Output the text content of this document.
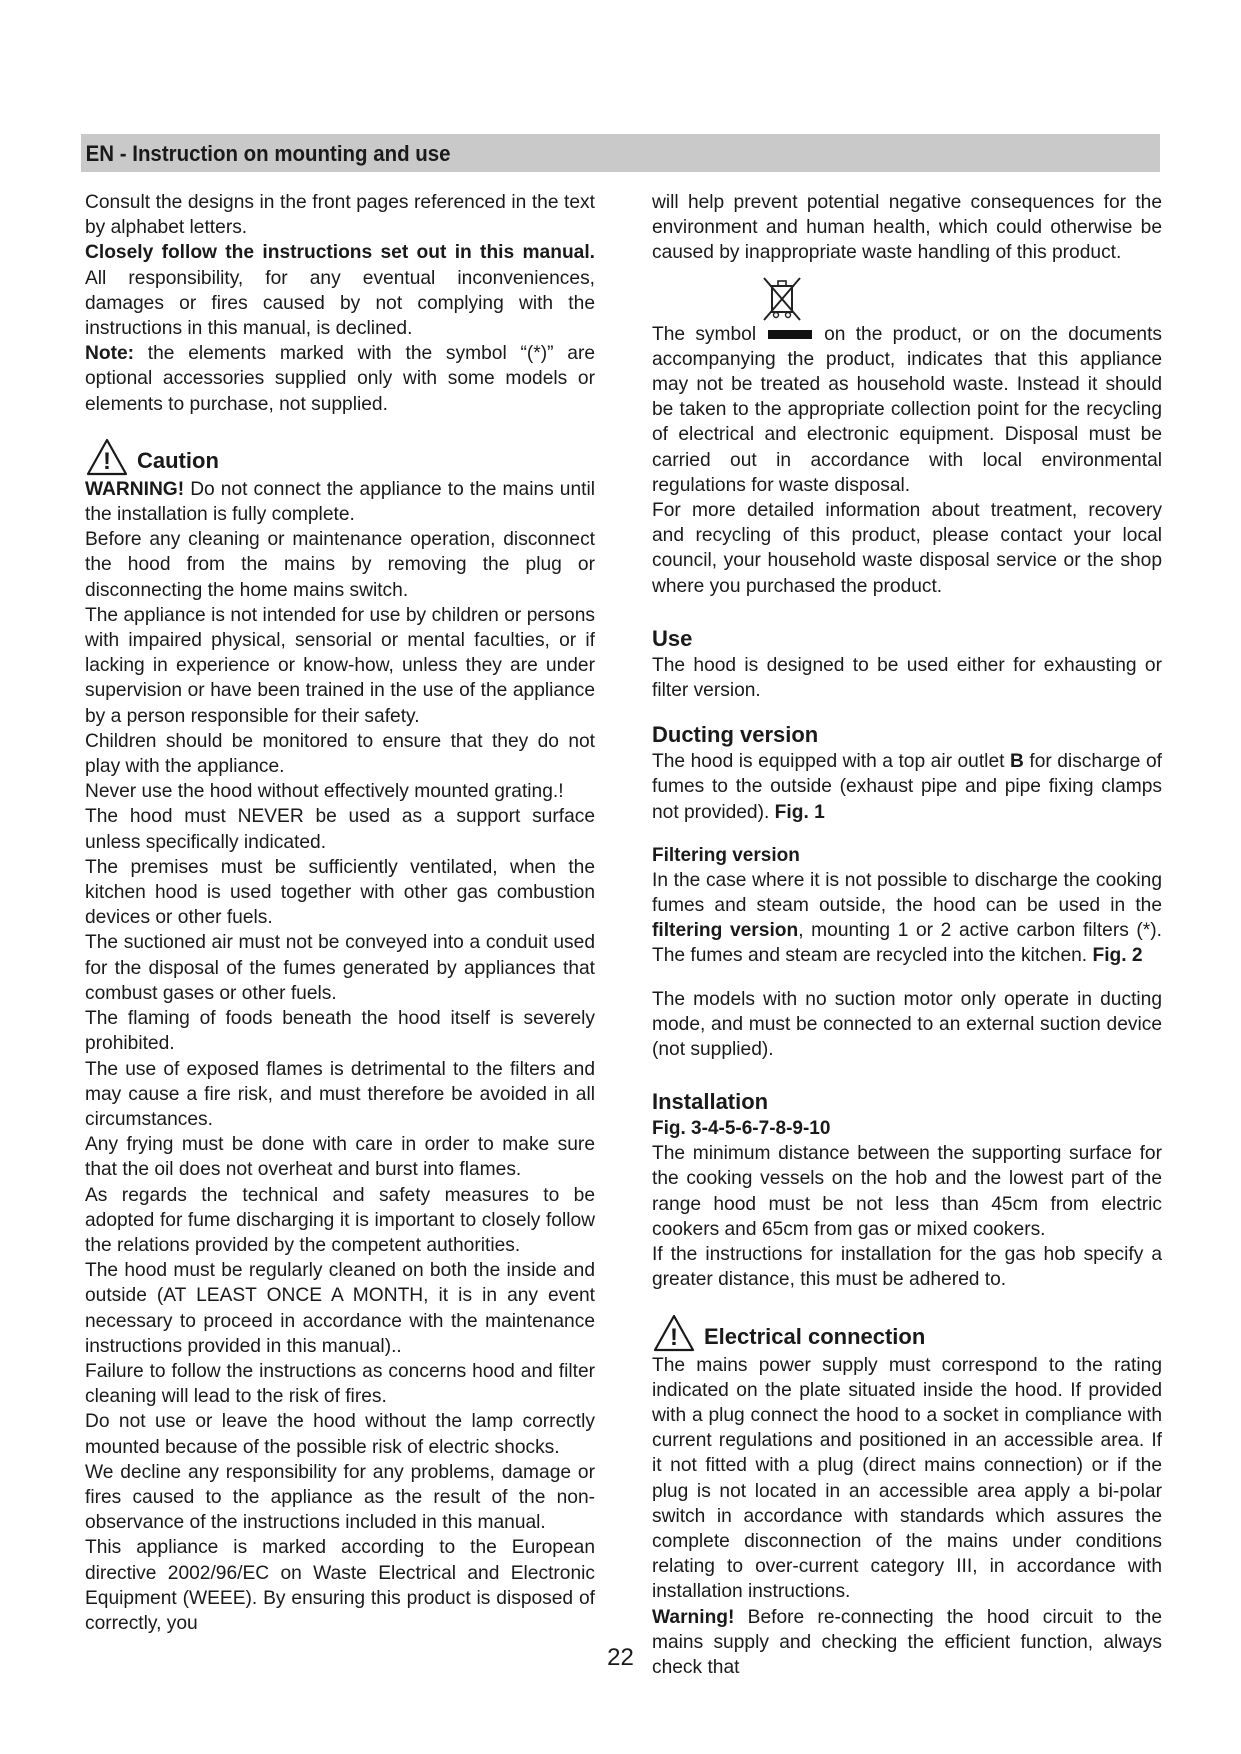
EN - Instruction on mounting and use

Consult the designs in the front pages referenced in the text by alphabet letters.

Closely follow the instructions set out in this manual. All responsibility, for any eventual inconveniences, damages or fires caused by not complying with the instructions in this manual, is declined.

Note: the elements marked with the symbol “(*)” are optional accessories supplied only with some models or elements to purchase, not supplied.

! Caution

WARNING! Do not connect the appliance to the mains until the installation is fully complete.

Before any cleaning or maintenance operation, disconnect the hood from the mains by removing the plug or disconnecting the home mains switch.

The appliance is not intended for use by children or persons with impaired physical, sensorial or mental faculties, or if lacking in experience or know-how, unless they are under supervision or have been trained in the use of the appliance by a person responsible for their safety.

Children should be monitored to ensure that they do not play with the appliance.

Never use the hood without effectively mounted grating.!

The hood must NEVER be used as a support surface unless specifically indicated.

The premises must be sufficiently ventilated, when the kitchen hood is used together with other gas combustion devices or other fuels.

The suctioned air must not be conveyed into a conduit used for the disposal of the fumes generated by appliances that combust gases or other fuels.

The flaming of foods beneath the hood itself is severely prohibited.

The use of exposed flames is detrimental to the filters and may cause a fire risk, and must therefore be avoided in all circumstances.

Any frying must be done with care in order to make sure that the oil does not overheat and burst into flames.

As regards the technical and safety measures to be adopted for fume discharging it is important to closely follow the relations provided by the competent authorities.

The hood must be regularly cleaned on both the inside and outside (AT LEAST ONCE A MONTH, it is in any event necessary to proceed in accordance with the maintenance instructions provided in this manual)..

Failure to follow the instructions as concerns hood and filter cleaning will lead to the risk of fires.

Do not use or leave the hood without the lamp correctly mounted because of the possible risk of electric shocks.

We decline any responsibility for any problems, damage or fires caused to the appliance as the result of the non-observance of the instructions included in this manual.

This appliance is marked according to the European directive 2002/96/EC on Waste Electrical and Electronic Equipment (WEEE). By ensuring this product is disposed of correctly, you

will help prevent potential negative consequences for the environment and human health, which could otherwise be caused by inappropriate waste handling of this product.

The symbol	on the product, or on the documents accompanying the product, indicates that this appliance may not be treated as household waste. Instead it should be taken to the appropriate collection point for the recycling of electrical and electronic equipment. Disposal must be carried out in accordance with local environmental regulations for waste disposal.

For more detailed information about treatment, recovery and recycling of this product, please contact your local council, your household waste disposal service or the shop where you purchased the product.

Use

The hood is designed to be used either for exhausting or filter version.

Ducting version

The hood is equipped with a top air outlet B for discharge of fumes to the outside (exhaust pipe and pipe fixing clamps not provided). Fig. 1

Filtering version

In the case where it is not possible to discharge the cooking fumes and steam outside, the hood can be used in the filtering version, mounting 1 or 2 active carbon filters (*). The fumes and steam are recycled into the kitchen. Fig. 2

The models with no suction motor only operate in ducting mode, and must be connected to an external suction device (not supplied).

Installation
Fig. 3-4-5-6-7-8-9-10

The minimum distance between the supporting surface for the cooking vessels on the hob and the lowest part of the range hood must be not less than 45cm from electric cookers and 65cm from gas or mixed cookers.

If the instructions for installation for the gas hob specify a greater distance, this must be adhered to.

! Electrical connection

The mains power supply must correspond to the rating indicated on the plate situated inside the hood. If provided with a plug connect the hood to a socket in compliance with current regulations and positioned in an accessible area. If it not fitted with a plug (direct mains connection) or if the plug is not located in an accessible area apply a bi-polar switch in accordance with standards which assures the complete disconnection of the mains under conditions relating to over-current category III, in accordance with installation instructions.

Warning! Before re-connecting the hood circuit to the mains supply and checking the efficient function, always check that

22
